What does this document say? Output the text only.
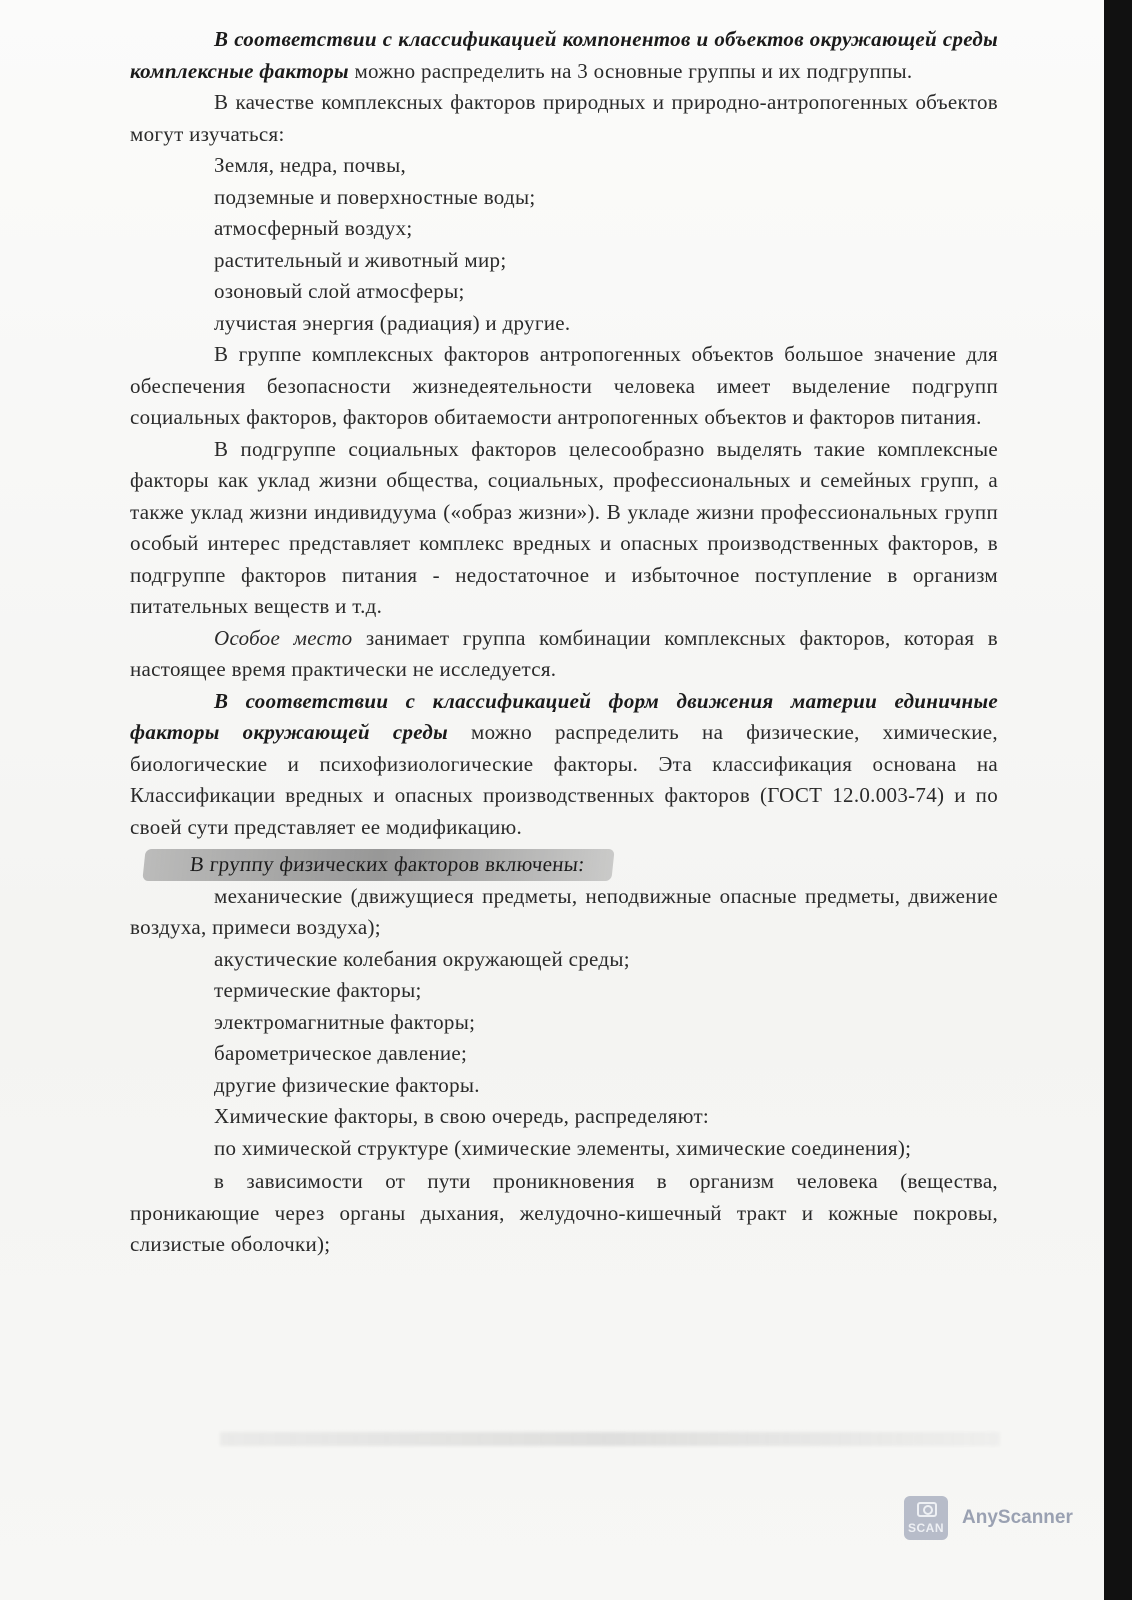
В соответствии с классификацией компонентов и объектов окружающей среды комплексные факторы можно распределить на 3 основные группы и их подгруппы.

В качестве комплексных факторов природных и природно-антропогенных объектов могут изучаться:

Земля, недра, почвы,

подземные и поверхностные воды;

атмосферный воздух;

растительный и животный мир;

озоновый слой атмосферы;

лучистая энергия (радиация) и другие.

В группе комплексных факторов антропогенных объектов большое значение для обеспечения безопасности жизнедеятельности человека имеет выделение подгрупп социальных факторов, факторов обитаемости антропогенных объектов и факторов питания.

В подгруппе социальных факторов целесообразно выделять такие комплексные факторы как уклад жизни общества, социальных, профессиональных и семейных групп, а также уклад жизни индивидуума («образ жизни»). В укладе жизни профессиональных групп особый интерес представляет комплекс вредных и опасных производственных факторов, в подгруппе факторов питания - недостаточное и избыточное поступление в организм питательных веществ и т.д.

Особое место занимает группа комбинации комплексных факторов, которая в настоящее время практически не исследуется.

В соответствии с классификацией форм движения материи единичные факторы окружающей среды можно распределить на физические, химические, биологические и психофизиологические факторы. Эта классификация основана на Классификации вредных и опасных производственных факторов (ГОСТ 12.0.003-74) и по своей сути представляет ее модификацию.

В группу физических факторов включены:

механические (движущиеся предметы, неподвижные опасные предметы, движение воздуха, примеси воздуха);

акустические колебания окружающей среды;

термические факторы;

электромагнитные факторы;

барометрическое давление;

другие физические факторы.

Химические факторы, в свою очередь, распределяют:

по химической структуре (химические элементы, химические соединения);

в зависимости от пути проникновения в организм человека (вещества, проникающие через органы дыхания, желудочно-кишечный тракт и кожные покровы, слизистые оболочки);

SCAN AnyScanner
